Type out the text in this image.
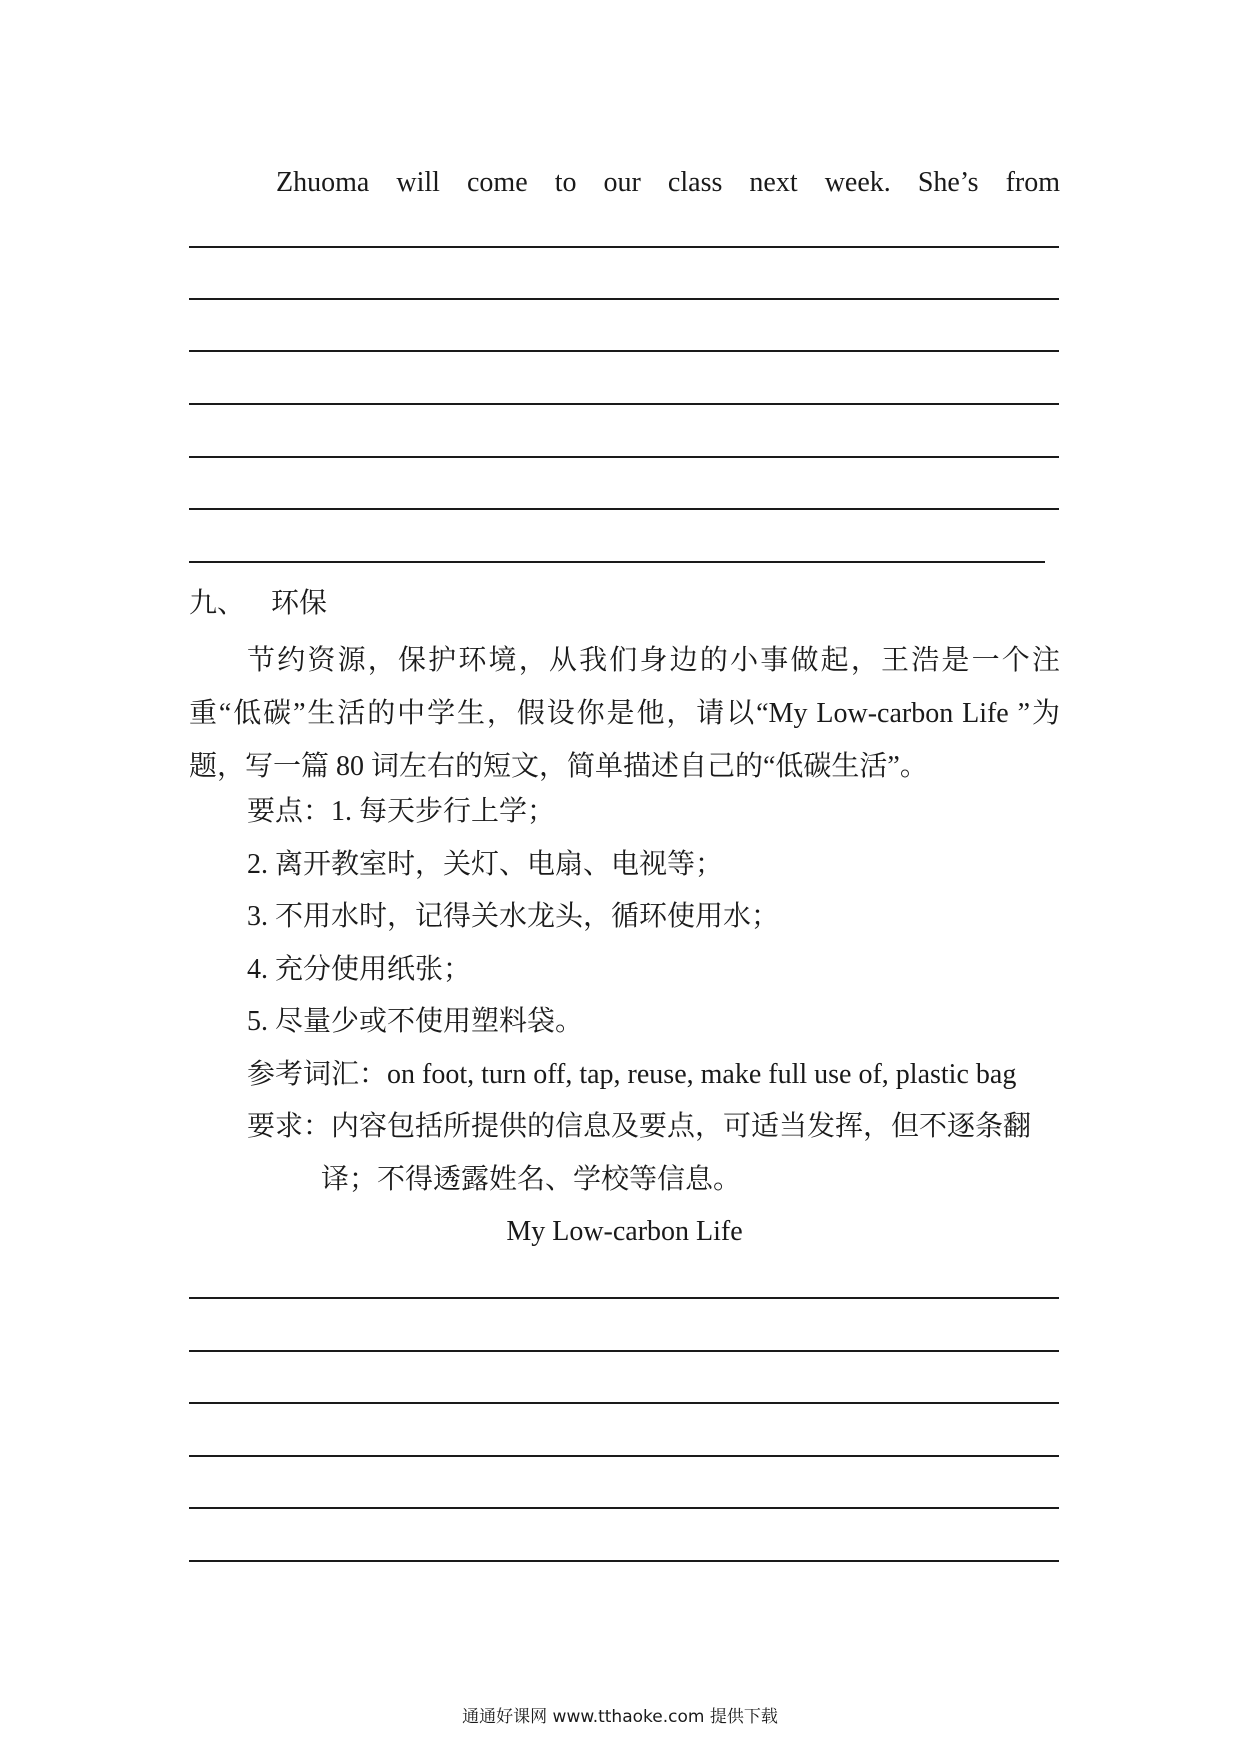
Zhuoma will come to our class next week. She’s from
九、 环保
节约资源，保护环境，从我们身边的小事做起，王浩是一个注重“低碳”生活的中学生，假设你是他，请以“My Low-carbon Life ”为题，写一篇 80 词左右的短文，简单描述自己的“低碳生活”。
要点：1. 每天步行上学；
2. 离开教室时，关灯、电扇、电视等；
3. 不用水时，记得关水龙头，循环使用水；
4. 充分使用纸张；
5. 尽量少或不使用塑料袋。
参考词汇：on foot, turn off, tap, reuse, make full use of, plastic bag
要求：内容包括所提供的信息及要点，可适当发挥，但不逐条翻
译；不得透露姓名、学校等信息。
My Low-carbon Life
通通好课网 www.tthaoke.com 提供下载
